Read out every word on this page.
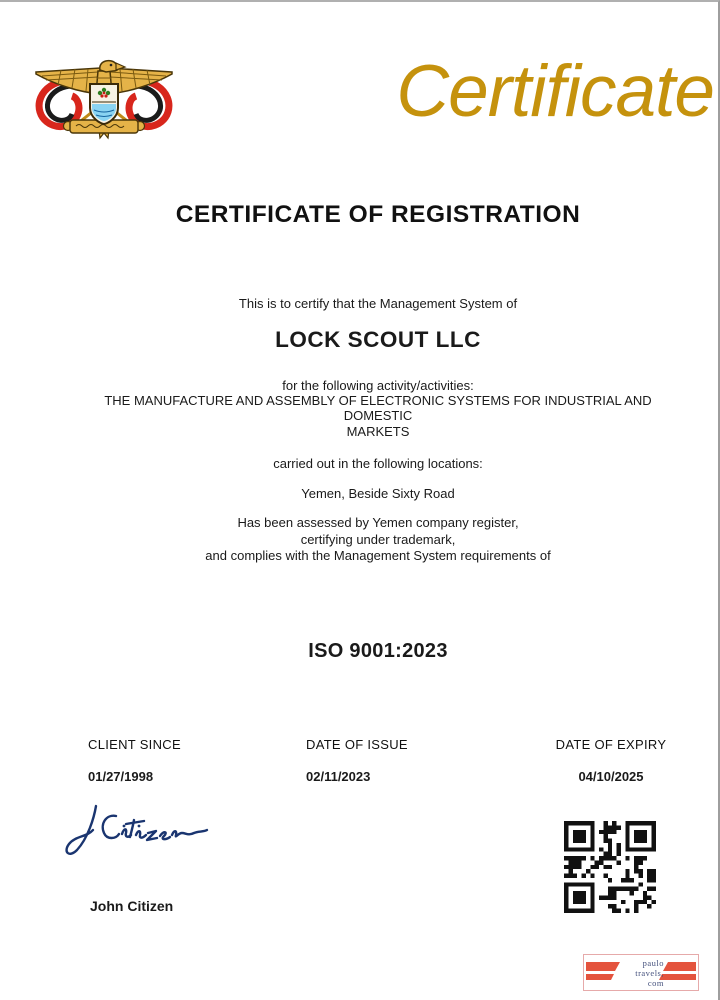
Certificate
CERTIFICATE OF REGISTRATION
This is to certify that the Management System of
LOCK SCOUT LLC
for the following activity/activities:
THE MANUFACTURE AND ASSEMBLY OF ELECTRONIC SYSTEMS FOR INDUSTRIAL AND
DOMESTIC
MARKETS
carried out in the following locations:
Yemen, Beside Sixty Road
Has been assessed by Yemen company register,
certifying under trademark,
and complies with the Management System requirements of
ISO 9001:2023
CLIENT SINCE
01/27/1998
DATE OF ISSUE
02/11/2023
DATE OF EXPIRY
04/10/2025
John Citizen
paulo
travels,
com
